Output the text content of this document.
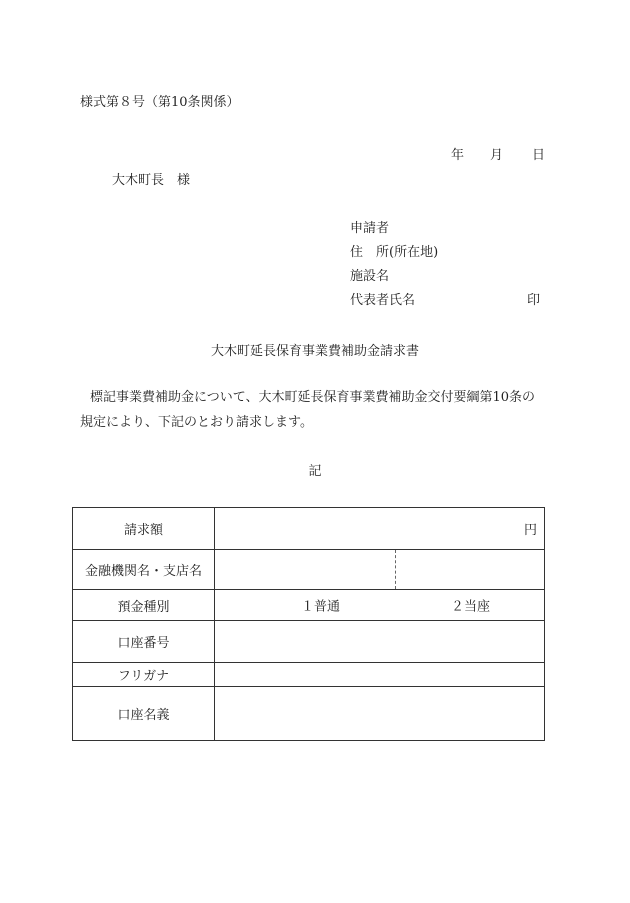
様式第８号（第10条関係）
年 月 日
大木町長　様
申請者
住　所(所在地)
施設名
代表者氏名	印
大木町延長保育事業費補助金請求書
標記事業費補助金について、大木町延長保育事業費補助金交付要綱第10条の
規定により、下記のとおり請求します。
記
請求額	円
金融機関名・支店名	

預金種別	１普通 ２当座

口座番号	
フリガナ	
口座名義	
